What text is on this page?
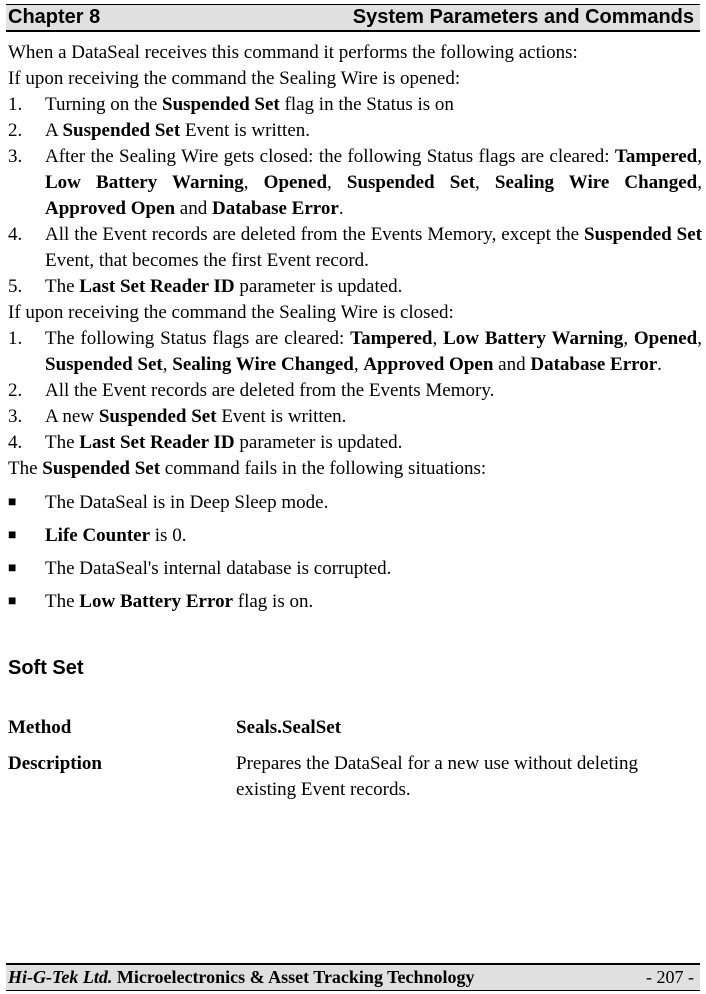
Chapter 8	System Parameters and Commands

When a DataSeal receives this command it performs the following actions:

If upon receiving the command the Sealing Wire is opened:

1.	Turning on the Suspended Set flag in the Status is on
2.	A Suspended Set Event is written.
3.	After the Sealing Wire gets closed: the following Status flags are cleared: Tampered, Low Battery Warning, Opened, Suspended Set, Sealing Wire Changed, Approved Open and Database Error.
4.	All the Event records are deleted from the Events Memory, except the Suspended Set Event, that becomes the first Event record.
5.	The Last Set Reader ID parameter is updated.

If upon receiving the command the Sealing Wire is closed:

1.	The following Status flags are cleared: Tampered, Low Battery Warning, Opened, Suspended Set, Sealing Wire Changed, Approved Open and Database Error.
2.	All the Event records are deleted from the Events Memory.
3.	A new Suspended Set Event is written.
4.	The Last Set Reader ID parameter is updated.

The Suspended Set command fails in the following situations:

■	The DataSeal is in Deep Sleep mode.
■	Life Counter is 0.
■	The DataSeal's internal database is corrupted.
■	The Low Battery Error flag is on.
Soft Set
Method	Seals.SealSet
Description	Prepares the DataSeal for a new use without deleting existing Event records.
Hi-G-Tek Ltd. Microelectronics & Asset Tracking Technology	- 207 -
